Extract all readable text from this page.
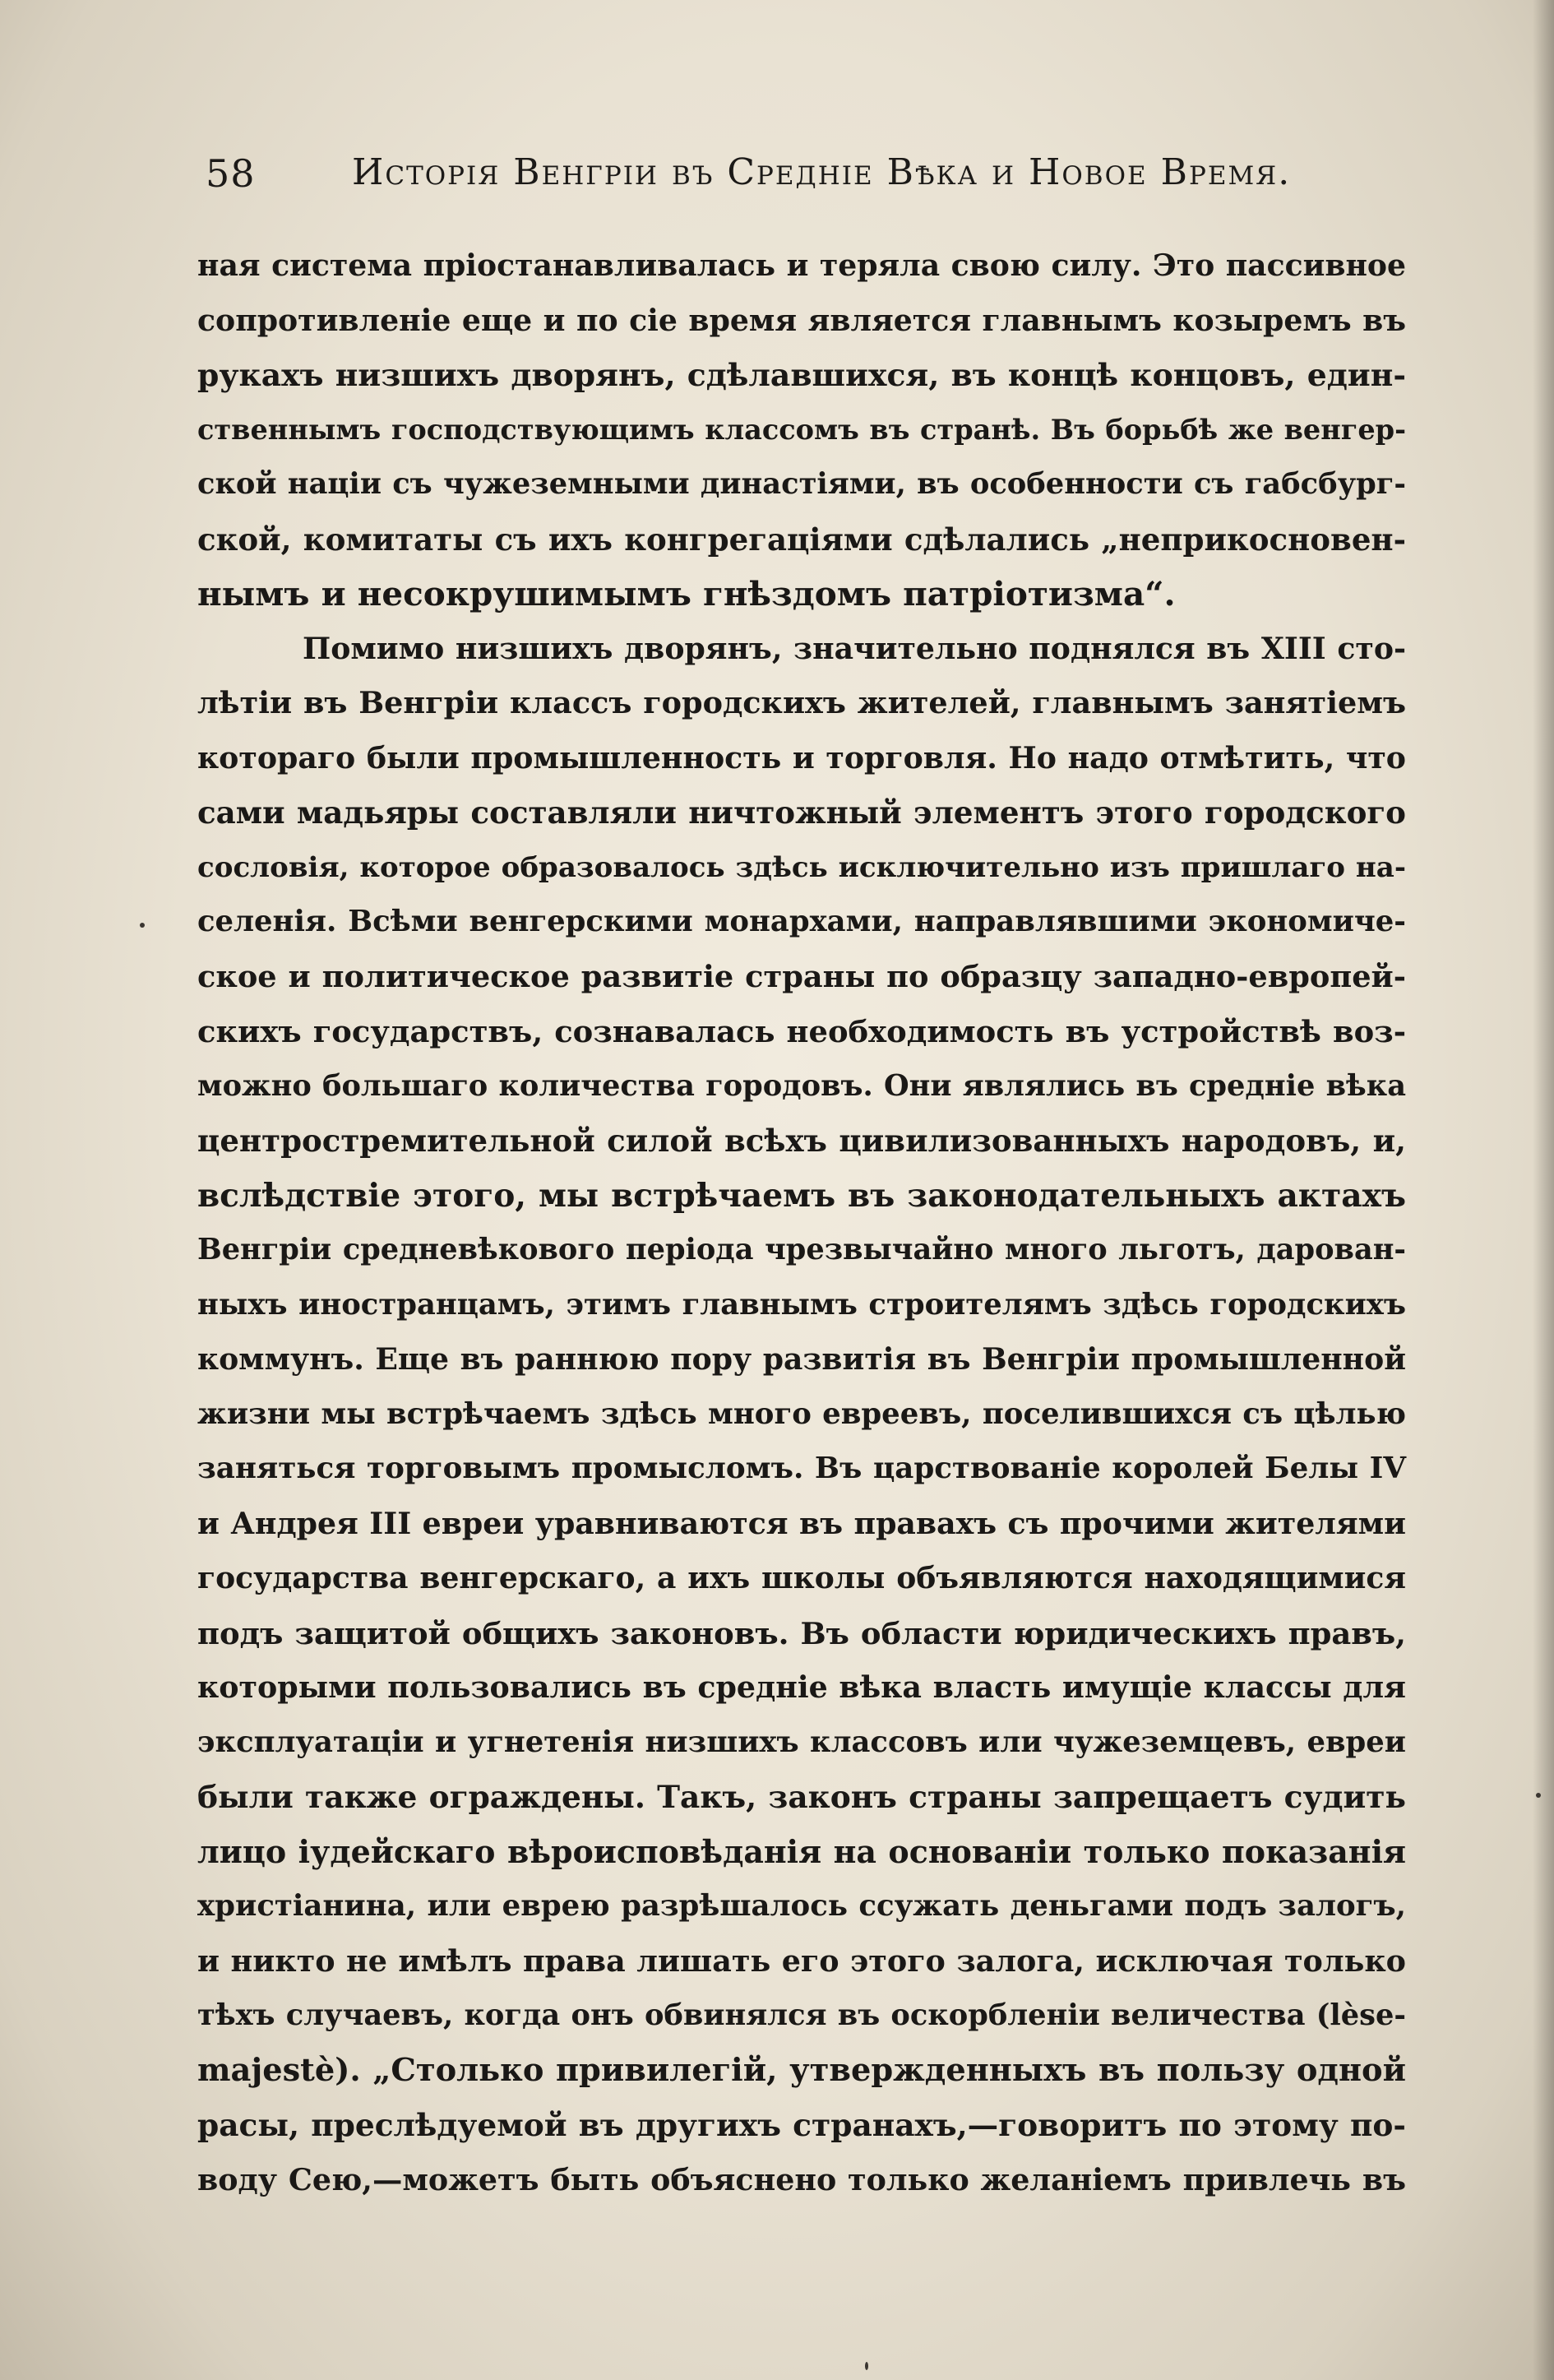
58	Исторія Венгріи въ Средніе Вѣка и Новое Время.
ная система пріостанавливалась и теряла свою силу. Это пассивное
сопротивленіе еще и по сіе время является главнымъ козыремъ въ
рукахъ низшихъ дворянъ, сдѣлавшихся, въ концѣ концовъ, един-
ственнымъ господствующимъ классомъ въ странѣ. Въ борьбѣ же венгер-
ской націи съ чужеземными династіями, въ особенности съ габсбург-
ской, комитаты съ ихъ конгрегаціями сдѣлались „неприкосновен-
нымъ и несокрушимымъ гнѣздомъ патріотизма“.
Помимо низшихъ дворянъ, значительно поднялся въ XIII сто-
лѣтіи въ Венгріи классъ городскихъ жителей, главнымъ занятіемъ
котораго были промышленность и торговля. Но надо отмѣтить, что
сами мадьяры составляли ничтожный элементъ этого городского
сословія, которое образовалось здѣсь исключительно изъ пришлаго на-
селенія. Всѣми венгерскими монархами, направлявшими экономиче-
ское и политическое развитіе страны по образцу западно-европей-
скихъ государствъ, сознавалась необходимость въ устройствѣ воз-
можно большаго количества городовъ. Они являлись въ средніе вѣка
центростремительной силой всѣхъ цивилизованныхъ народовъ, и,
вслѣдствіе этого, мы встрѣчаемъ въ законодательныхъ актахъ
Венгріи средневѣкового періода чрезвычайно много льготъ, дарован-
ныхъ иностранцамъ, этимъ главнымъ строителямъ здѣсь городскихъ
коммунъ. Еще въ раннюю пору развитія въ Венгріи промышленной
жизни мы встрѣчаемъ здѣсь много евреевъ, поселившихся съ цѣлью
заняться торговымъ промысломъ. Въ царствованіе королей Белы IV
и Андрея III евреи уравниваются въ правахъ съ прочими жителями
государства венгерскаго, а ихъ школы объявляются находящимися
подъ защитой общихъ законовъ. Въ области юридическихъ правъ,
которыми пользовались въ средніе вѣка власть имущіе классы для
эксплуатаціи и угнетенія низшихъ классовъ или чужеземцевъ, евреи
были также ограждены. Такъ, законъ страны запрещаетъ судить
лицо іудейскаго вѣроисповѣданія на основаніи только показанія
христіанина, или еврею разрѣшалось ссужать деньгами подъ залогъ,
и никто не имѣлъ права лишать его этого залога, исключая только
тѣхъ случаевъ, когда онъ обвинялся въ оскорбленіи величества (lèse-
majestè). „Столько привилегій, утвержденныхъ въ пользу одной
расы, преслѣдуемой въ другихъ странахъ,—говоритъ по этому по-
воду Сею,—можетъ быть объяснено только желаніемъ привлечь въ
